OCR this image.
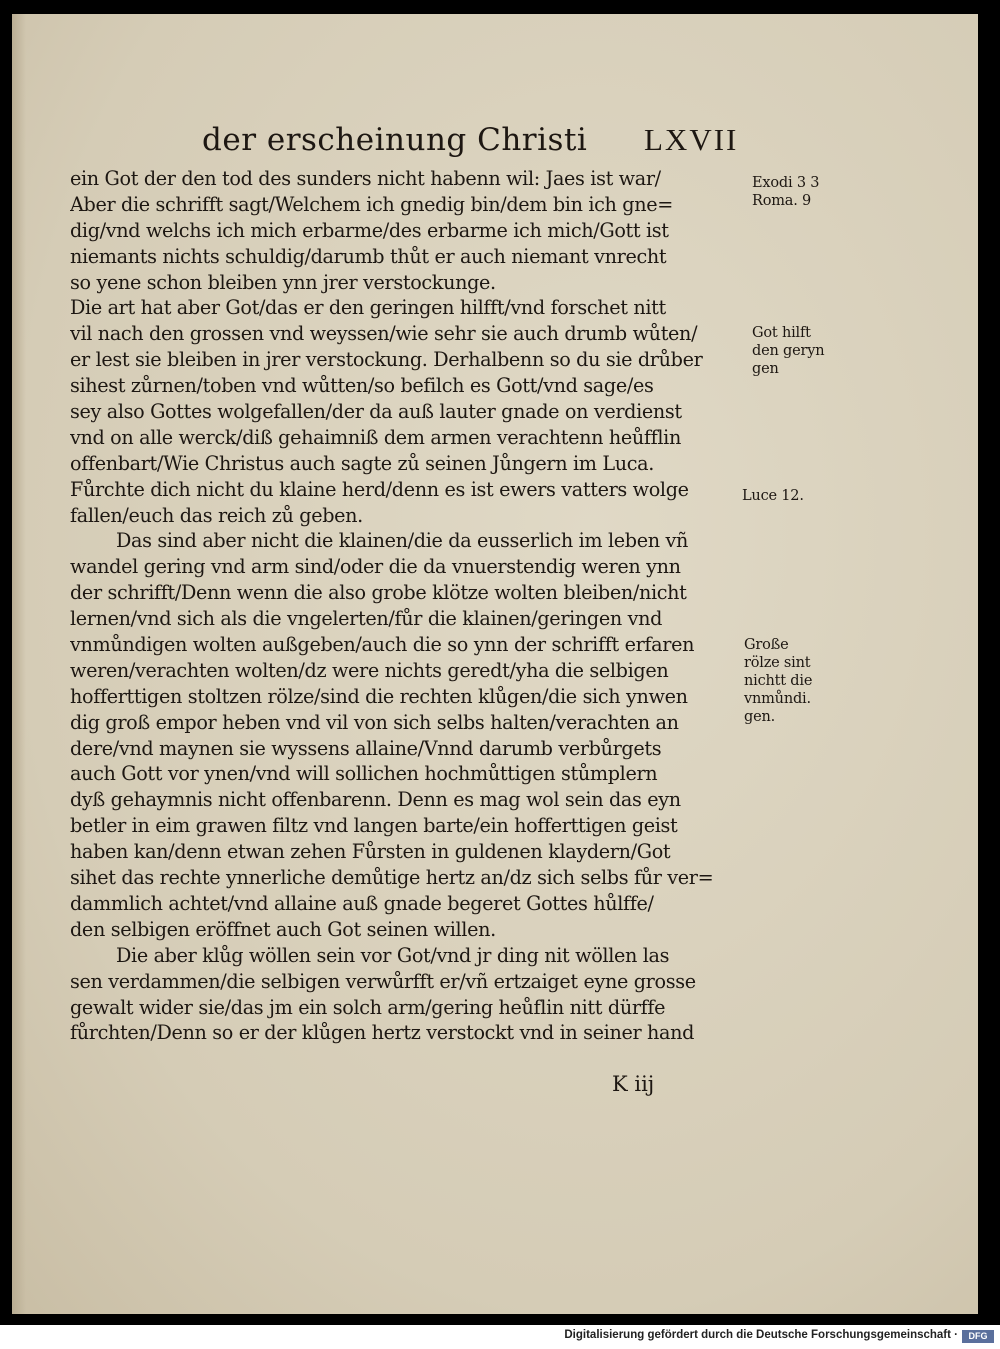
der erscheinung Christi LXVII
ein Got der den tod des sunders nicht habenn wil: Jaes ist war/
Aber die schrifft sagt/Welchem ich gnedig bin/dem bin ich gne=
dig/vnd welchs ich mich erbarme/des erbarme ich mich/Gott ist
niemants nichts schuldig/darumb thůt er auch niemant vnrecht
so yene schon bleiben ynn jrer verstockunge.
Die art hat aber Got/das er den geringen hilfft/vnd forschet nitt
vil nach den grossen vnd weyssen/wie sehr sie auch drumb wůten/
er lest sie bleiben in jrer verstockung. Derhalbenn so du sie drůber
sihest zůrnen/toben vnd wůtten/so befilch es Gott/vnd sage/es
sey also Gottes wolgefallen/der da auß lauter gnade on verdienst
vnd on alle werck/diß gehaimniß dem armen verachtenn heůfflin
offenbart/Wie Christus auch sagte zů seinen Jůngern im Luca.
Fůrchte dich nicht du klaine herd/denn es ist ewers vatters wolge
fallen/euch das reich zů geben.
Das sind aber nicht die klainen/die da eusserlich im leben vñ
wandel gering vnd arm sind/oder die da vnuerstendig weren ynn
der schrifft/Denn wenn die also grobe klötze wolten bleiben/nicht
lernen/vnd sich als die vngelerten/fůr die klainen/geringen vnd
vnmůndigen wolten außgeben/auch die so ynn der schrifft erfaren
weren/verachten wolten/dz were nichts geredt/yha die selbigen
hofferttigen stoltzen rölze/sind die rechten klůgen/die sich ynwen
dig groß empor heben vnd vil von sich selbs halten/verachten an
dere/vnd maynen sie wyssens allaine/Vnnd darumb verbůrgets
auch Gott vor ynen/vnd will sollichen hochmůttigen stůmplern
dyß gehaymnis nicht offenbarenn. Denn es mag wol sein das eyn
betler in eim grawen filtz vnd langen barte/ein hofferttigen geist
haben kan/denn etwan zehen Fůrsten in guldenen klaydern/Got
sihet das rechte ynnerliche demůtige hertz an/dz sich selbs fůr ver=
dammlich achtet/vnd allaine auß gnade begeret Gottes hůlffe/
den selbigen eröffnet auch Got seinen willen.
Die aber klůg wöllen sein vor Got/vnd jr ding nit wöllen las
sen verdammen/die selbigen verwůrfft er/vñ ertzaiget eyne grosse
gewalt wider sie/das jm ein solch arm/gering heůflin nitt dürffe
fůrchten/Denn so er der klůgen hertz verstockt vnd in seiner hand
K iij
Exodi 3 3
Roma. 9
Got hilft
den geryn
gen
Luce 12.
Große
rölze sint
nichtt die
vnmůndi.
gen.
Digitalisierung gefördert durch die Deutsche Forschungsgemeinschaft ·	DFG
